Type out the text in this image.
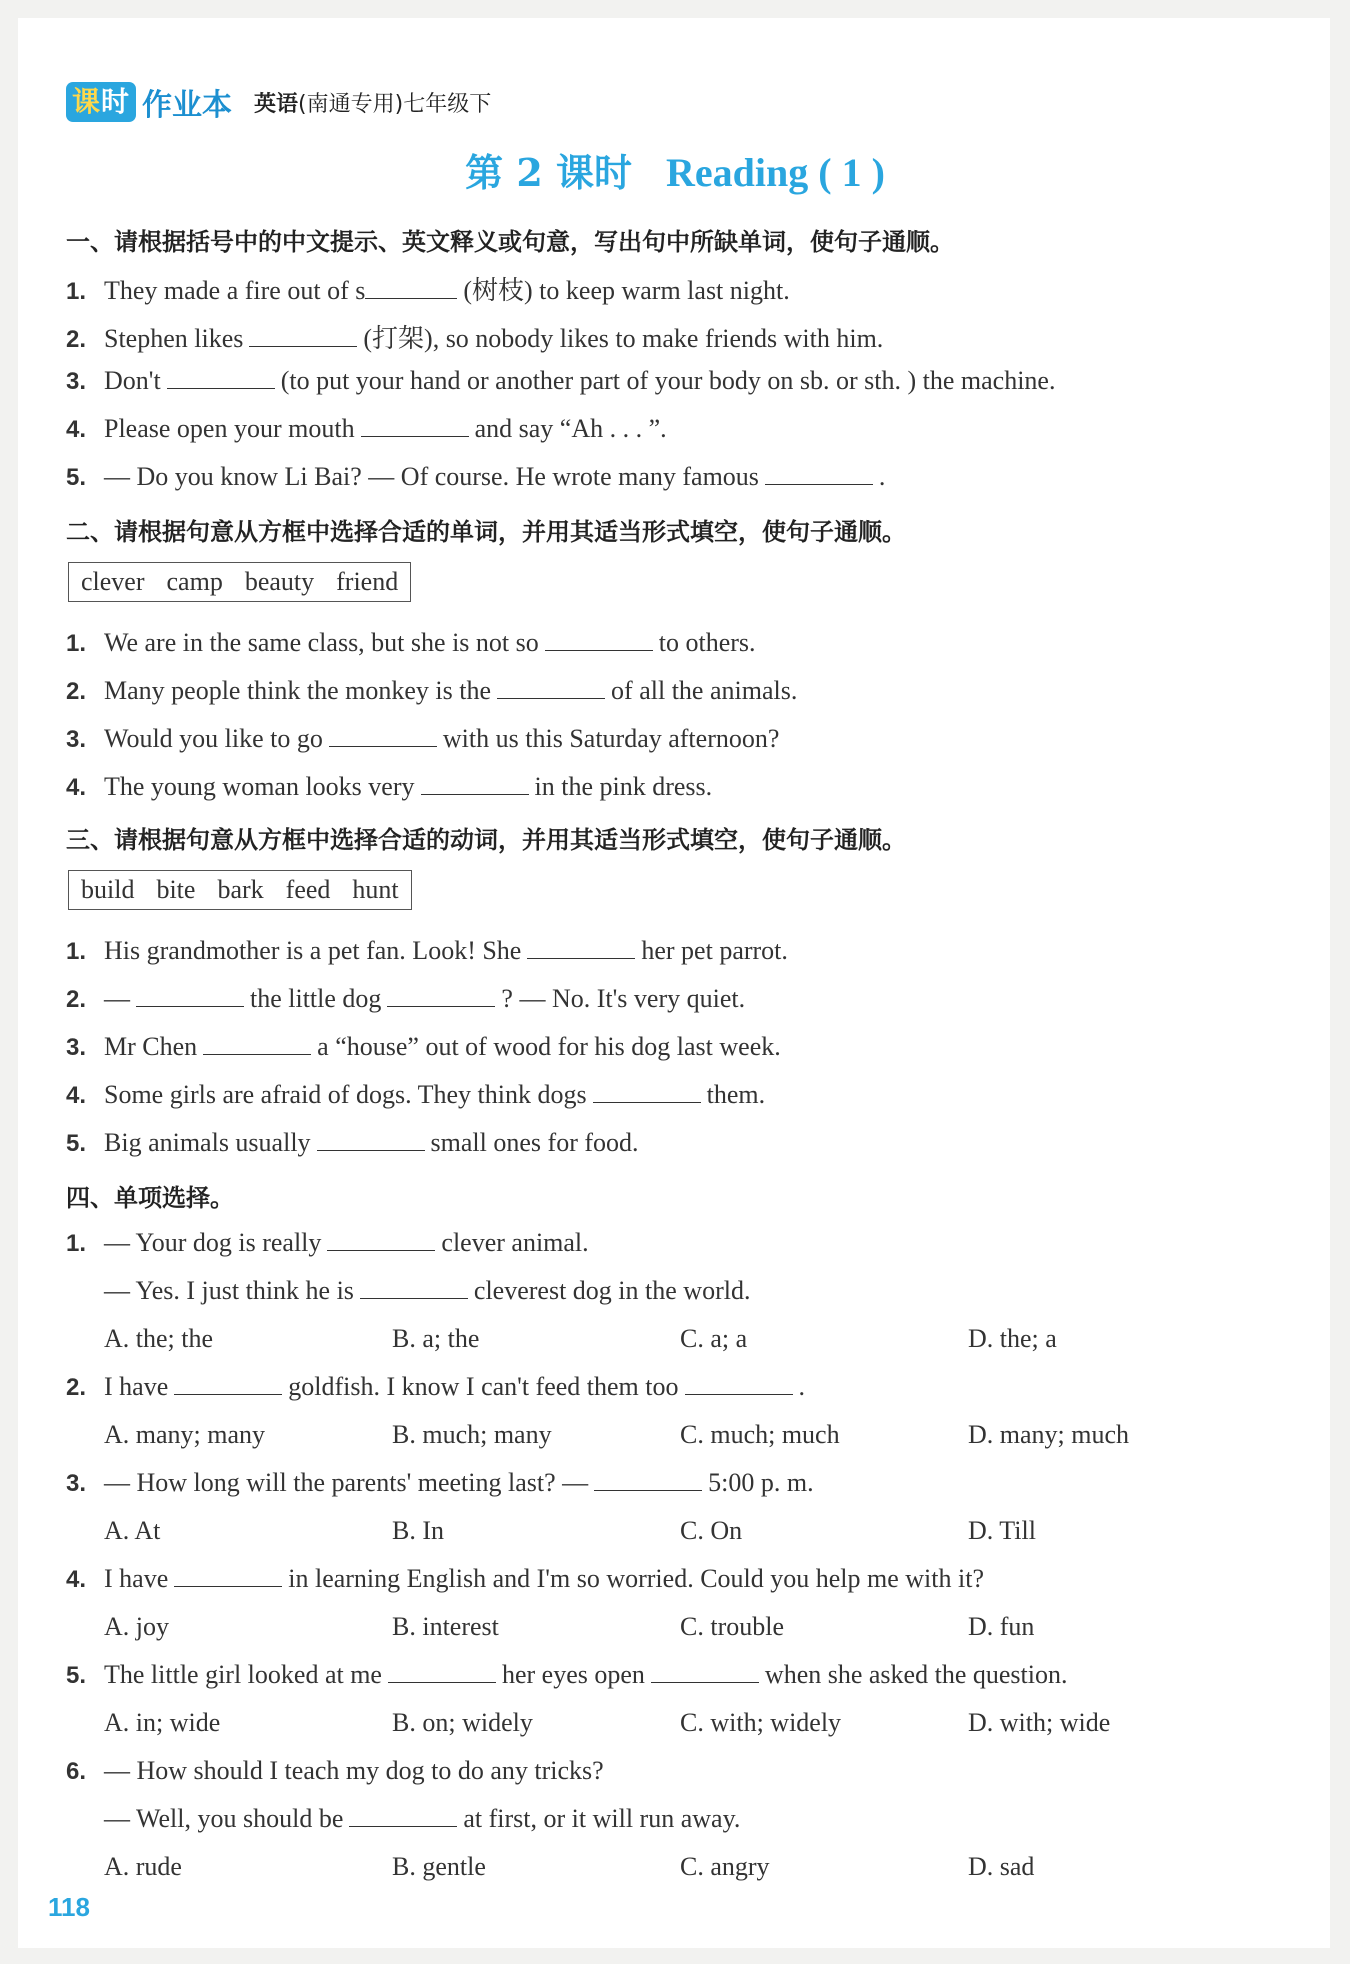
课时 作业本 英语(南通专用)七年级下
第 2 课时 Reading ( 1 )
一、请根据括号中的中文提示、英文释义或句意，写出句中所缺单词，使句子通顺。
1. They made a fire out of s	(树枝) to keep warm last night.
2. Stephen likes	(打架), so nobody likes to make friends with him.
3. Don't	(to put your hand or another part of your body on sb. or sth. ) the machine.
4. Please open your mouth	and say “Ah . . . ”.
5. — Do you know Li Bai? — Of course. He wrote many famous	.
二、请根据句意从方框中选择合适的单词，并用其适当形式填空，使句子通顺。
clever camp beauty friend
1. We are in the same class, but she is not so	to others.
2. Many people think the monkey is the	of all the animals.
3. Would you like to go	with us this Saturday afternoon?
4. The young woman looks very	in the pink dress.
三、请根据句意从方框中选择合适的动词，并用其适当形式填空，使句子通顺。
build bite bark feed hunt
1. His grandmother is a pet fan. Look! She	her pet parrot.
2. —	the little dog	? — No. It's very quiet.
3. Mr Chen	a “house” out of wood for his dog last week.
4. Some girls are afraid of dogs. They think dogs	them.
5. Big animals usually	small ones for food.
四、单项选择。
1. — Your dog is really	clever animal.
— Yes. I just think he is	cleverest dog in the world.
A. the; the	B. a; the	C. a; a	D. the; a
2. I have	goldfish. I know I can't feed them too	.
A. many; many	B. much; many	C. much; much	D. many; much
3. — How long will the parents' meeting last? —	5:00 p. m.
A. At	B. In	C. On	D. Till
4. I have	in learning English and I'm so worried. Could you help me with it?
A. joy	B. interest	C. trouble	D. fun
5. The little girl looked at me	her eyes open	when she asked the question.
A. in; wide	B. on; widely	C. with; widely	D. with; wide
6. — How should I teach my dog to do any tricks?
— Well, you should be	at first, or it will run away.
A. rude	B. gentle	C. angry	D. sad
118
